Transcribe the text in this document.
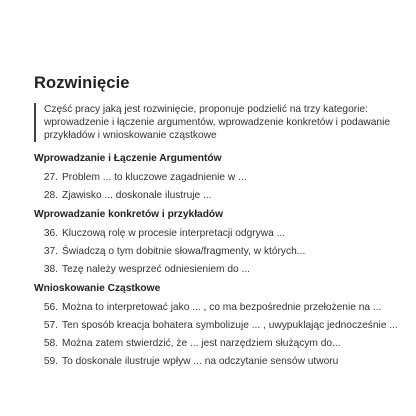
Rozwinięcie
Część pracy jaką jest rozwinięcie, proponuje podzielić na trzy kategorie: wprowadzenie i łączenie argumentów, wprowadzenie konkretów i podawanie przykładów i wnioskowanie cząstkowe
Wprowadzanie i Łączenie Argumentów
27. Problem ... to kluczowe zagadnienie w ...
28. Zjawisko ... doskonale ilustruje ...
Wprowadzanie konkretów i przykładów
36. Kluczową rolę w procesie interpretacji odgrywa ...
37. Świadczą o tym dobitnie słowa/fragmenty, w których...
38. Tezę należy wesprzeć odniesieniem do ...
Wnioskowanie Cząstkowe
56. Można to interpretować jako ... , co ma bezpośrednie przełożenie na ...
57. Ten sposób kreacja bohatera symbolizuje ... , uwypuklając jednocześnie ...
58. Można zatem stwierdzić, że ... jest narzędziem służącym do...
59. To doskonale ilustruje wpływ ... na odczytanie sensów utworu
